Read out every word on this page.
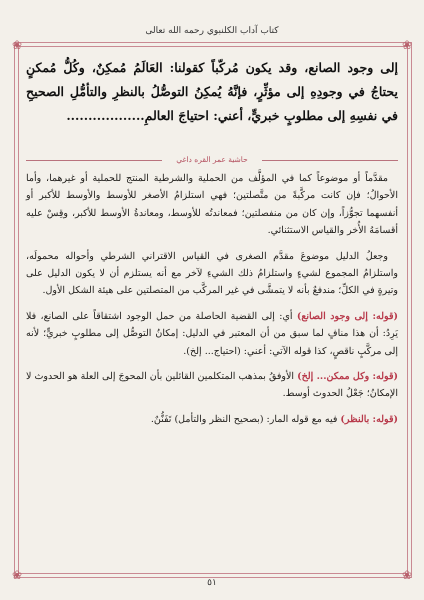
كتاب آداب الكلنبوي رحمه الله تعالى
❀	❀
❀	❀
إلى وجود الصانع، وقد يكون مُركّباً كقولنا: العَالَمُ مُمكِنٌ، وكُلُّ مُمكنٍ يحتاجُ في وجودِهِ إلى مؤثِّرٍ، فإنَّهُ يُمكِنُ التوصُّلُ بالنظرِ والتأمُّلِ الصحيحِ في نفسِهِ إلى مطلوبٍ خبريٍّ، أعني: احتياجَ العالمِ..................
حاشية عمر القره داغي

مقدَّماً أو موضوعاً كما في المؤلَّف من الحملية والشرطية المنتج للحملية أو غيرهما، وأما الأحوالُ؛ فإن كانت مركَّبةً من متَّصلتين؛ فهي استلزامُ الأصغر للأوسط والأوسط للأكبر أو أنفسهما تجوُّزاً، وإن كان من منفصلتين؛ فمعاندتُه للأوسط، ومعاندةُ الأوسط للأكبر، وقِسْ عليه أقسامَهُ الأُخر والقياس الاستثنائي.

وجعلُ الدليل موضوعَ مقدَّم الصغرى في القياس الاقتراني الشرطي وأحواله محمولَه، واستلزامُ المجموع لشيءٍ واستلزامُ ذلك الشيءِ لآخر مع أنه يستلزم أن لا يكون الدليل على وتيرةٍ في الكلِّ؛ مندفعٌ بأنه لا يتمشَّى في غير المركَّب من المتصلتين على هيئة الشكل الأول.

(قوله: إلى وجود الصانع) أي: إلى القضية الحاصلة من حمل الوجود اشتقاقاً على الصانع، فلا يَرِدُ: أن هذا منافٍ لما سبق من أن المعتبر في الدليل: إمكانُ التوصُّل إلى مطلوبٍ خبريٍّ؛ لأنه إلى مركَّبٍ ناقصٍ، كذا قوله الآتي: أعني: (احتياج... إلخ).

(قوله: وكل ممكن... إلخ) الأوفقُ بمذهب المتكلمين القائلين بأن المحوجَ إلى العلة هو الحدوث لا الإمكانُ؛ جَعْلُ الحدوث أوسط.

(قوله: بالنظر) فيه مع قوله المار: (بصحيح النظر والتأمل) تَفَنُّنٌ.

٥١
